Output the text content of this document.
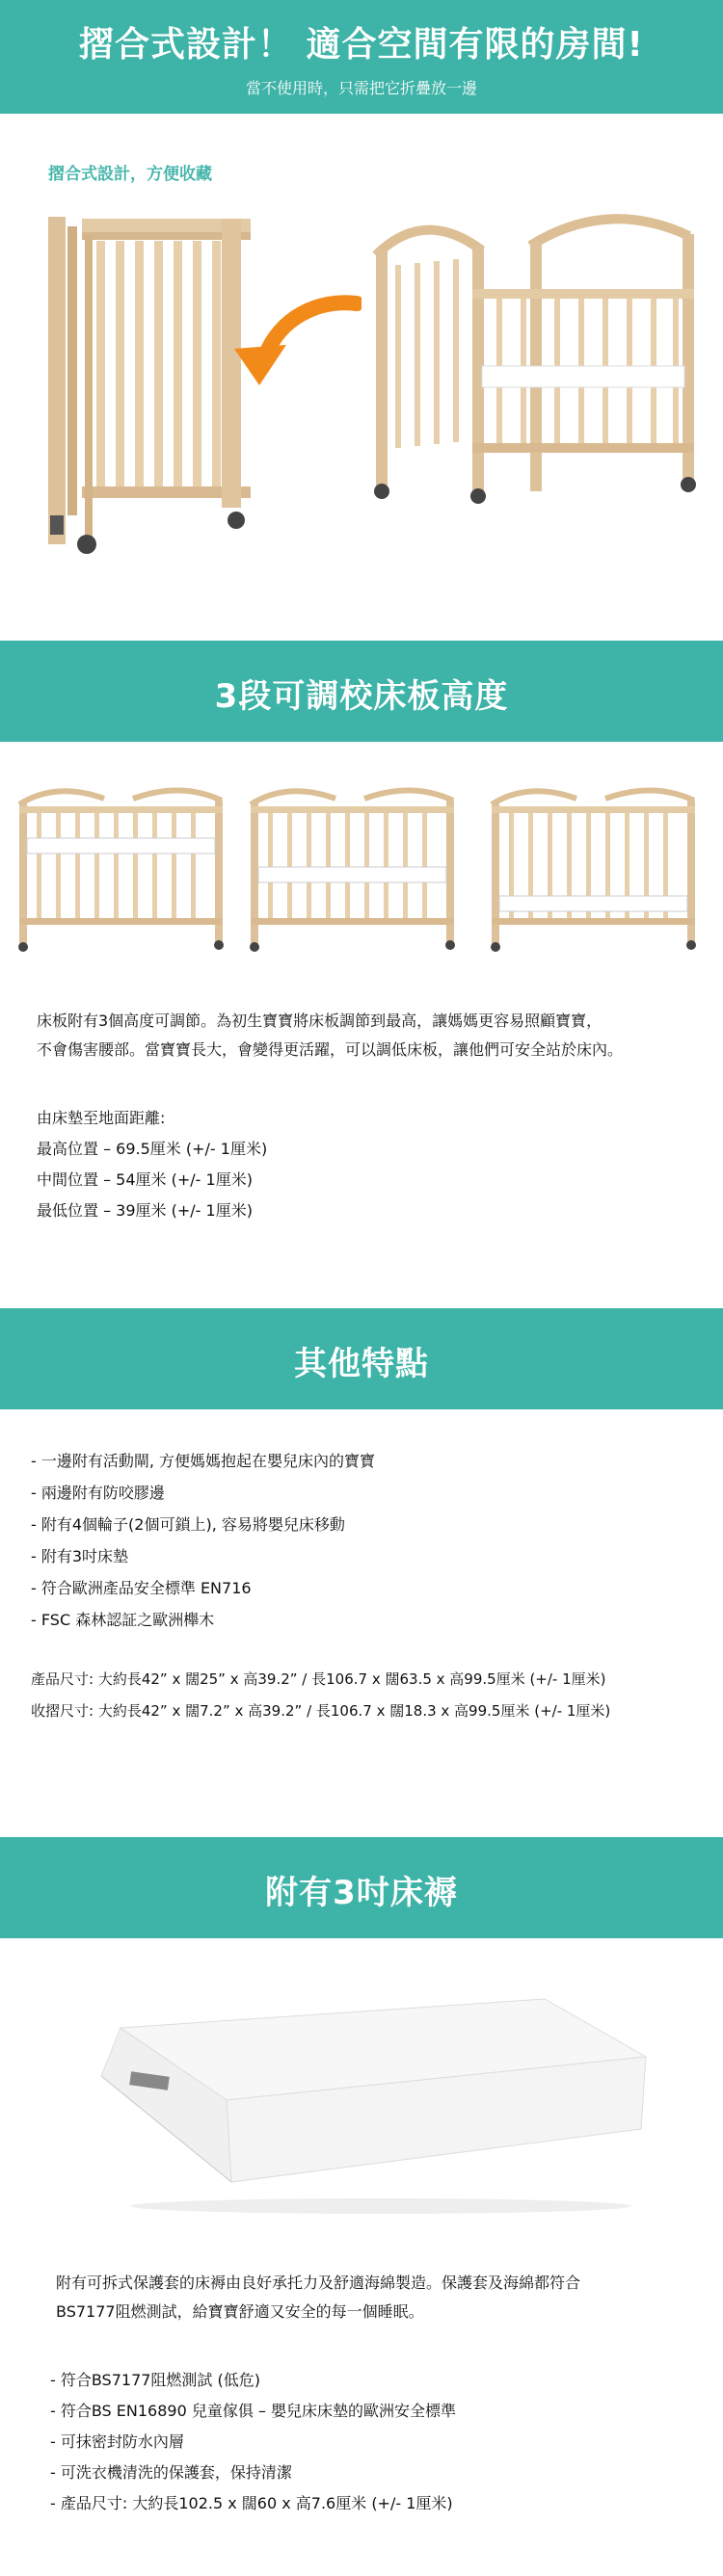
摺合式設計！ 適合空間有限的房間!
當不使用時，只需把它折疊放一邊
摺合式設計，方便收藏
3段可調校床板高度

床板附有3個高度可調節。為初生寶寶將床板調節到最高，讓媽媽更容易照顧寶寶，

不會傷害腰部。當寶寶長大，會變得更活躍，可以調低床板，讓他們可安全站於床內。

由床墊至地面距離:

最高位置 – 69.5厘米 (+/- 1厘米)

中間位置 – 54厘米 (+/- 1厘米)

最低位置 – 39厘米 (+/- 1厘米)

其他特點

- 一邊附有活動閘, 方便媽媽抱起在嬰兒床內的寶寶

- 兩邊附有防咬膠邊

- 附有4個輪子(2個可鎖上), 容易將嬰兒床移動

- 附有3吋床墊

- 符合歐洲產品安全標準 EN716

- FSC 森林認証之歐洲櫸木

產品尺寸: 大約長42” x 闊25” x 高39.2” / 長106.7 x 闊63.5 x 高99.5厘米 (+/- 1厘米)

收摺尺寸: 大約長42” x 闊7.2” x 高39.2” / 長106.7 x 闊18.3 x 高99.5厘米 (+/- 1厘米)

附有3吋床褥

附有可拆式保護套的床褥由良好承托力及舒適海綿製造。保護套及海綿都符合

BS7177阻燃測試，給寶寶舒適又安全的每一個睡眠。

- 符合BS7177阻燃測試 (低危)

- 符合BS EN16890 兒童傢俱 – 嬰兒床床墊的歐洲安全標準

- 可抹密封防水內層

- 可洗衣機清洗的保護套，保持清潔

- 產品尺寸: 大約長102.5 x 闊60 x 高7.6厘米 (+/- 1厘米)
